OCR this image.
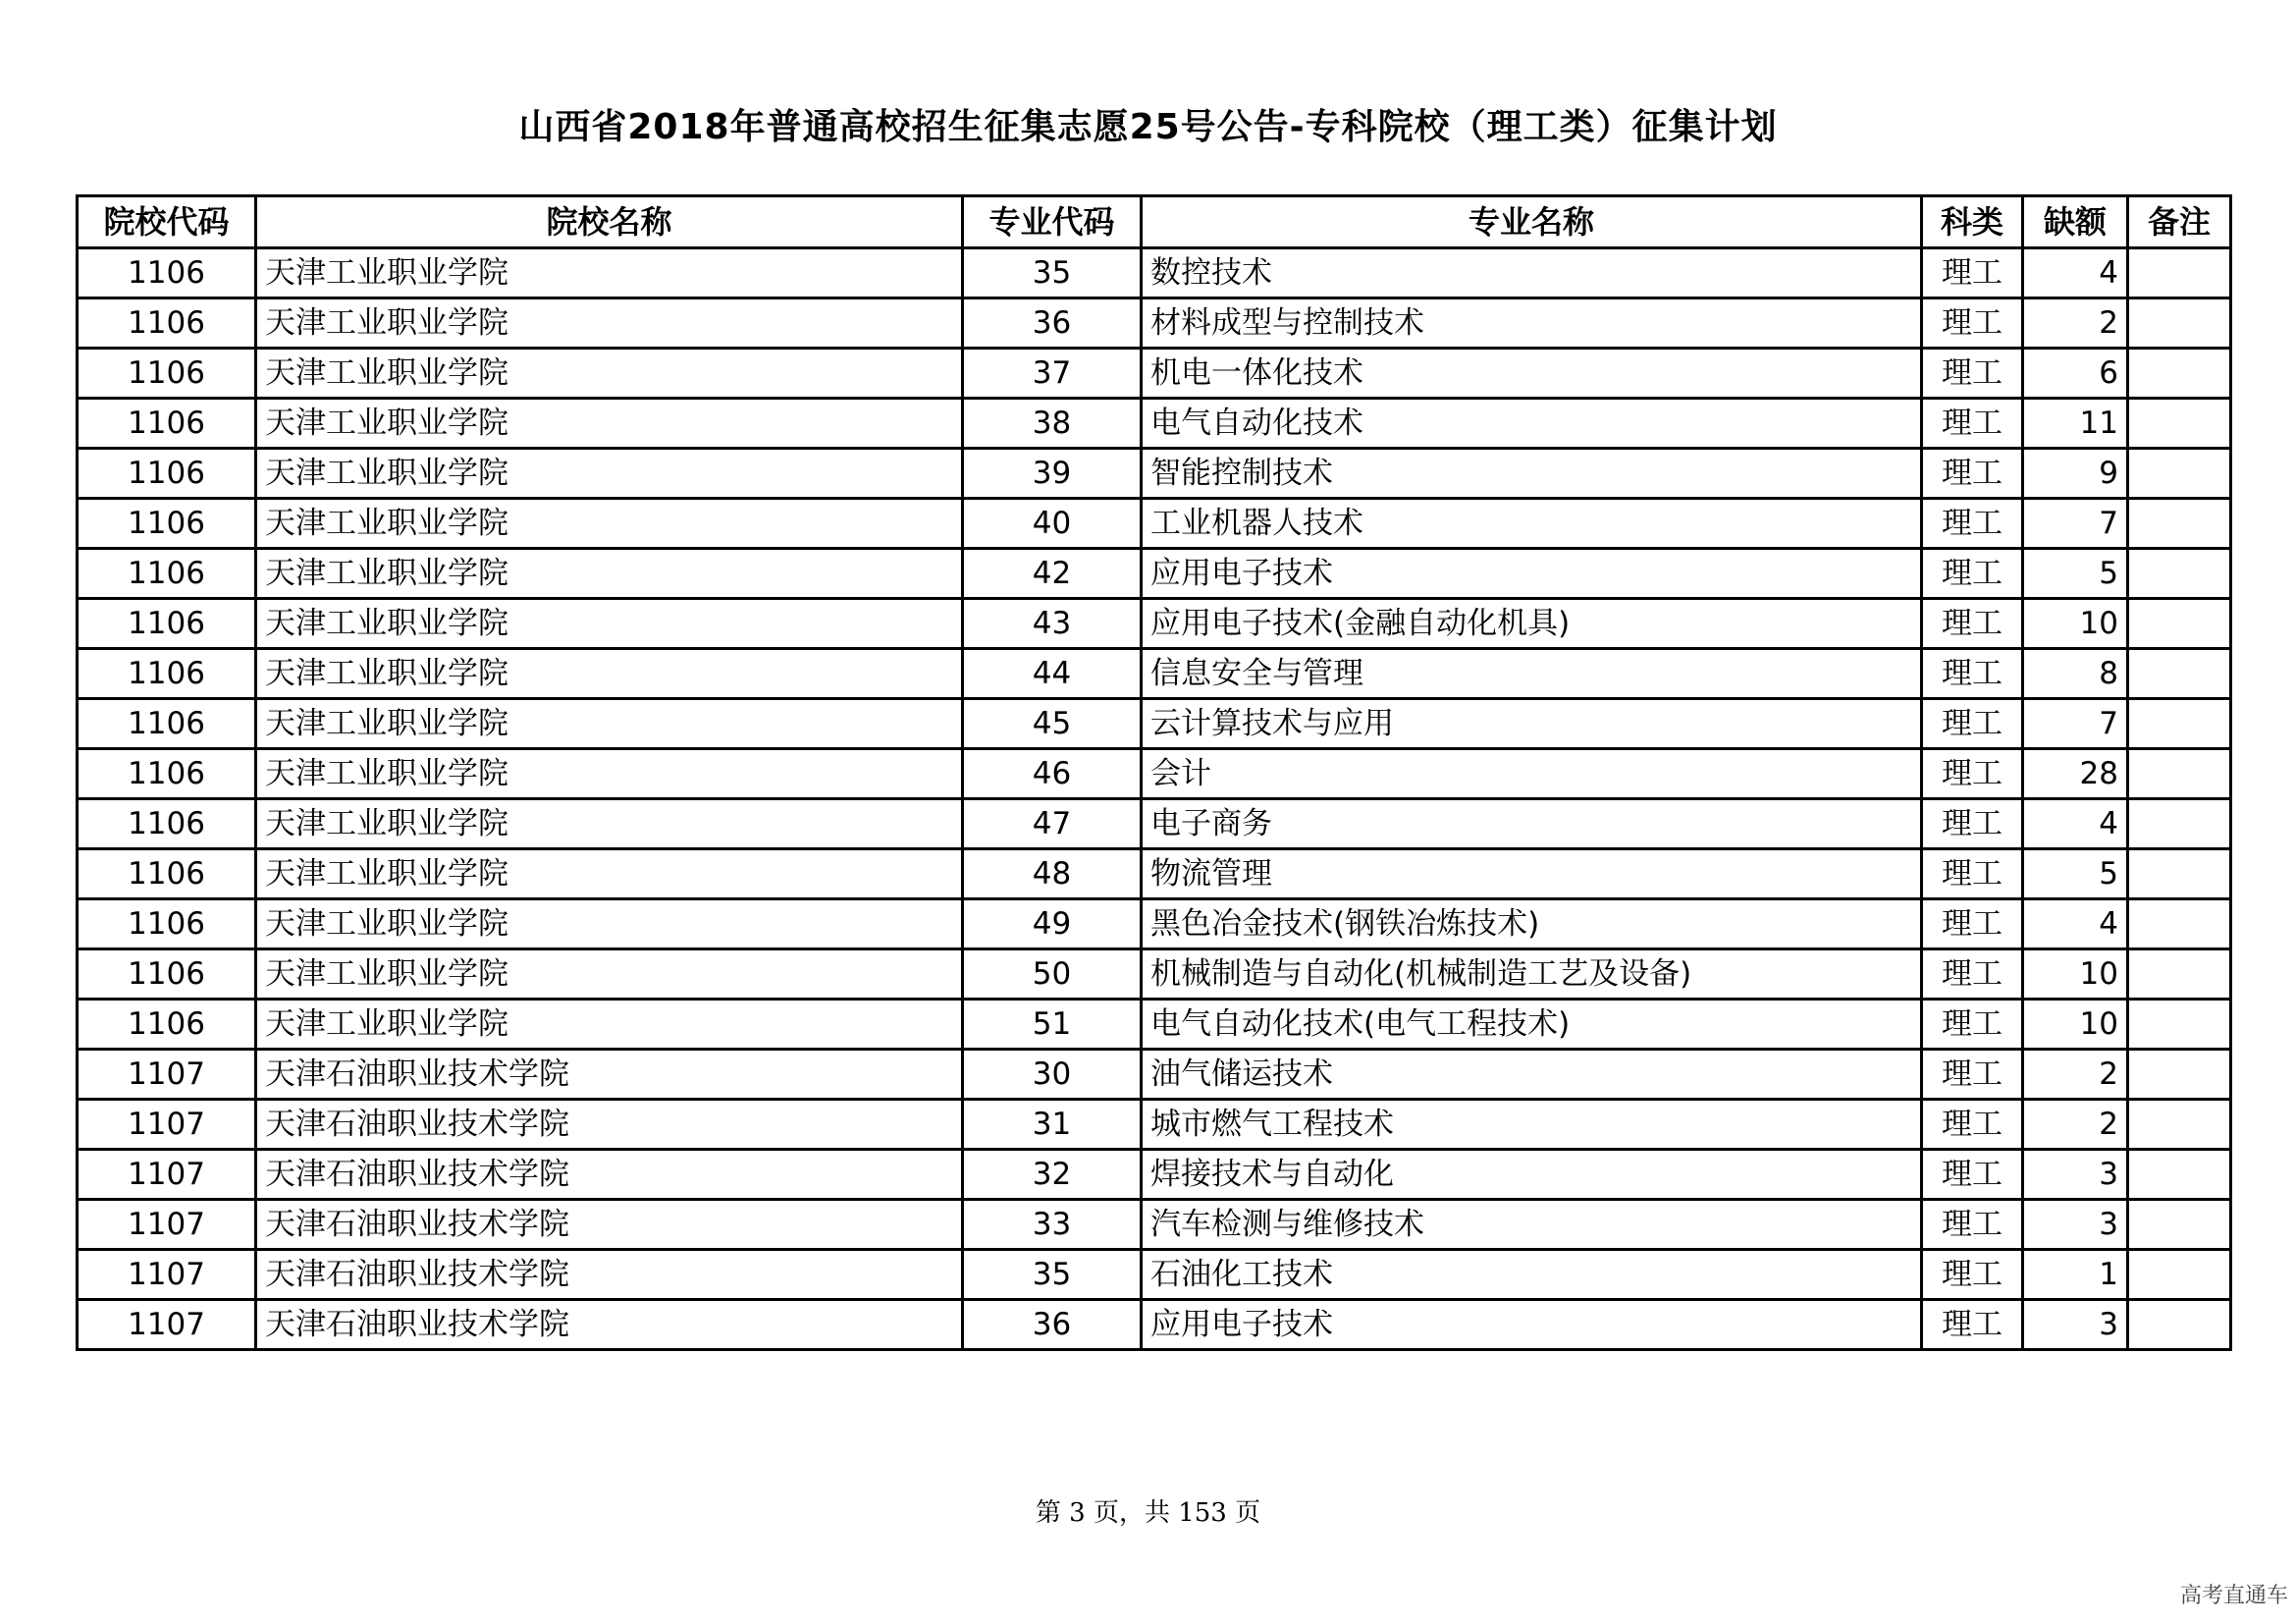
山西省2018年普通高校招生征集志愿25号公告-专科院校（理工类）征集计划
院校代码	院校名称	专业代码	专业名称	科类	缺额	备注
1106	天津工业职业学院	35	数控技术	理工	4	
1106	天津工业职业学院	36	材料成型与控制技术	理工	2	
1106	天津工业职业学院	37	机电一体化技术	理工	6	
1106	天津工业职业学院	38	电气自动化技术	理工	11	
1106	天津工业职业学院	39	智能控制技术	理工	9	
1106	天津工业职业学院	40	工业机器人技术	理工	7	
1106	天津工业职业学院	42	应用电子技术	理工	5	
1106	天津工业职业学院	43	应用电子技术(金融自动化机具)	理工	10	
1106	天津工业职业学院	44	信息安全与管理	理工	8	
1106	天津工业职业学院	45	云计算技术与应用	理工	7	
1106	天津工业职业学院	46	会计	理工	28	
1106	天津工业职业学院	47	电子商务	理工	4	
1106	天津工业职业学院	48	物流管理	理工	5	
1106	天津工业职业学院	49	黑色冶金技术(钢铁冶炼技术)	理工	4	
1106	天津工业职业学院	50	机械制造与自动化(机械制造工艺及设备)	理工	10	
1106	天津工业职业学院	51	电气自动化技术(电气工程技术)	理工	10	
1107	天津石油职业技术学院	30	油气储运技术	理工	2	
1107	天津石油职业技术学院	31	城市燃气工程技术	理工	2	
1107	天津石油职业技术学院	32	焊接技术与自动化	理工	3	
1107	天津石油职业技术学院	33	汽车检测与维修技术	理工	3	
1107	天津石油职业技术学院	35	石油化工技术	理工	1	
1107	天津石油职业技术学院	36	应用电子技术	理工	3	
第 3 页，共 153 页
高考直通车
